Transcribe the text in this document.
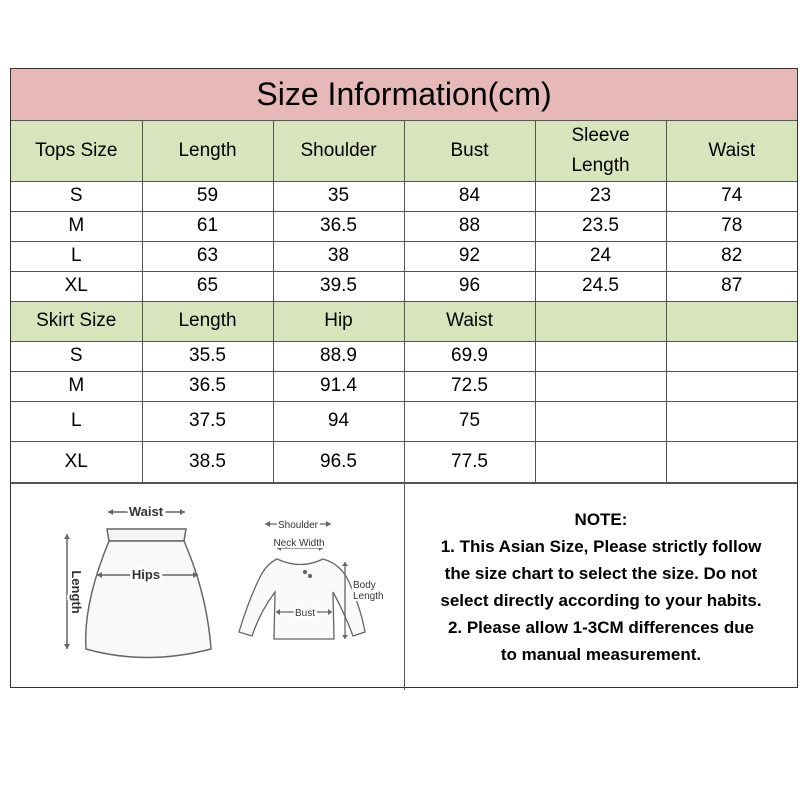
Size Information(cm)
Tops Size	Length	Shoulder	Bust	Sleeve Length	Waist
S	59	35	84	23	74
M	61	36.5	88	23.5	78
L	63	38	92	24	82
XL	65	39.5	96	24.5	87
Skirt Size	Length	Hip	Waist		
S	35.5	88.9	69.9		
M	36.5	91.4	72.5		
L	37.5	94	75		
XL	38.5	96.5	77.5		
Waist
Hips
Length
Shoulder
Neck Width
Bust
Body
Length
NOTE:
1. This Asian Size, Please strictly follow
the size chart to select the size. Do not
select directly according to your habits.
2. Please allow 1-3CM differences due
to manual measurement.
